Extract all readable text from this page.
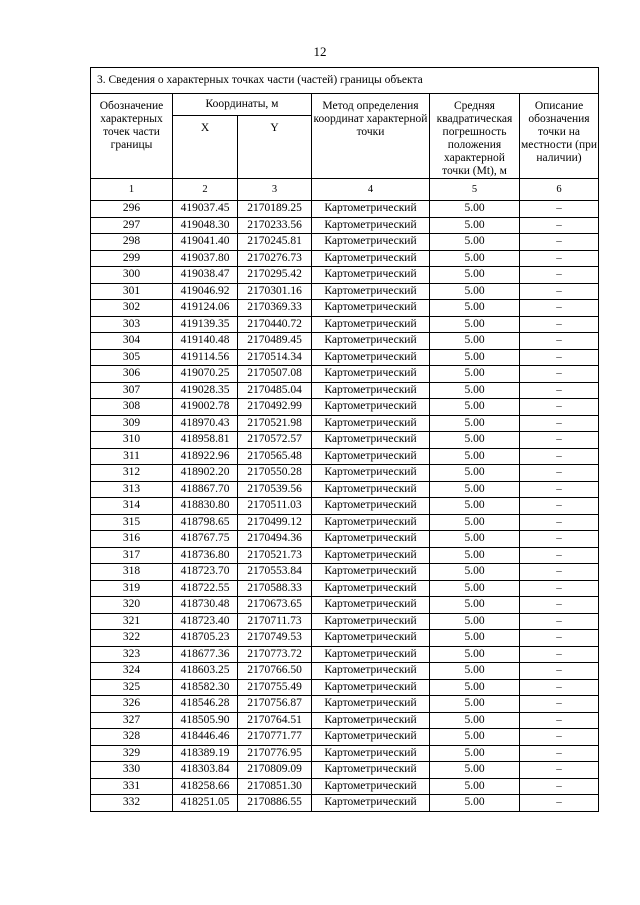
12
3. Сведения о характерных точках части (частей) границы объекта					
Обозначение характерных точек части границы	Координаты, м		Метод определения координат характерной точки	Средняя квадратическая погрешность положения характерной точки (Mt), м	Описание обозначения точки на местности (при наличии)
	X	Y			
1	2	3	4	5	6
296	419037.45	2170189.25	Картометрический	5.00	–
297	419048.30	2170233.56	Картометрический	5.00	–
298	419041.40	2170245.81	Картометрический	5.00	–
299	419037.80	2170276.73	Картометрический	5.00	–
300	419038.47	2170295.42	Картометрический	5.00	–
301	419046.92	2170301.16	Картометрический	5.00	–
302	419124.06	2170369.33	Картометрический	5.00	–
303	419139.35	2170440.72	Картометрический	5.00	–
304	419140.48	2170489.45	Картометрический	5.00	–
305	419114.56	2170514.34	Картометрический	5.00	–
306	419070.25	2170507.08	Картометрический	5.00	–
307	419028.35	2170485.04	Картометрический	5.00	–
308	419002.78	2170492.99	Картометрический	5.00	–
309	418970.43	2170521.98	Картометрический	5.00	–
310	418958.81	2170572.57	Картометрический	5.00	–
311	418922.96	2170565.48	Картометрический	5.00	–
312	418902.20	2170550.28	Картометрический	5.00	–
313	418867.70	2170539.56	Картометрический	5.00	–
314	418830.80	2170511.03	Картометрический	5.00	–
315	418798.65	2170499.12	Картометрический	5.00	–
316	418767.75	2170494.36	Картометрический	5.00	–
317	418736.80	2170521.73	Картометрический	5.00	–
318	418723.70	2170553.84	Картометрический	5.00	–
319	418722.55	2170588.33	Картометрический	5.00	–
320	418730.48	2170673.65	Картометрический	5.00	–
321	418723.40	2170711.73	Картометрический	5.00	–
322	418705.23	2170749.53	Картометрический	5.00	–
323	418677.36	2170773.72	Картометрический	5.00	–
324	418603.25	2170766.50	Картометрический	5.00	–
325	418582.30	2170755.49	Картометрический	5.00	–
326	418546.28	2170756.87	Картометрический	5.00	–
327	418505.90	2170764.51	Картометрический	5.00	–
328	418446.46	2170771.77	Картометрический	5.00	–
329	418389.19	2170776.95	Картометрический	5.00	–
330	418303.84	2170809.09	Картометрический	5.00	–
331	418258.66	2170851.30	Картометрический	5.00	–
332	418251.05	2170886.55	Картометрический	5.00	–
